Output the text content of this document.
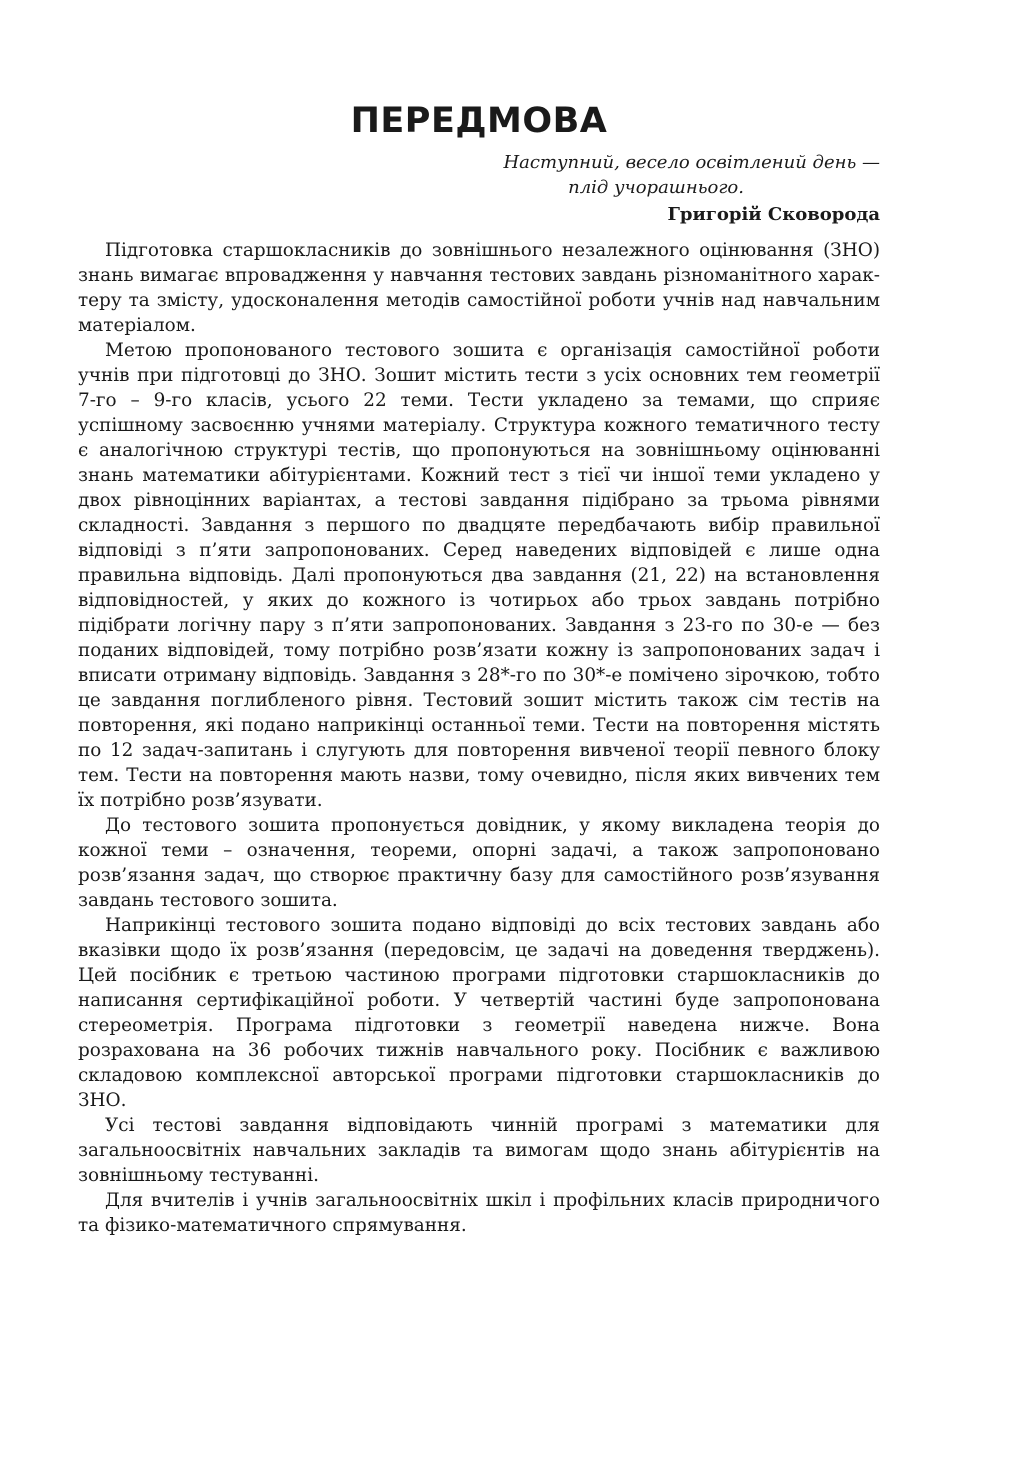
ПЕРЕДМОВА
Наступний, весело освітлений день —
плід учорашнього.
Григорій Сковорода

Підготовка старшокласників до зовнішнього незалежного оцінювання (ЗНО) знань вимагає впровадження у навчання тестових завдань різноманітного характеру та змісту, удосконалення методів самостійної роботи учнів над навчальним матеріалом.

Метою пропонованого тестового зошита є організація самостійної роботи учнів при підготовці до ЗНО. Зошит містить тести з усіх основних тем геометрії 7-го – 9-го класів, усього 22 теми. Тести укладено за темами, що сприяє успішному засвоєнню учнями матеріалу. Структура кожного тематичного тесту є аналогічною структурі тестів, що пропонуються на зовнішньому оцінюванні знань математики абітурієнтами. Кожний тест з тієї чи іншої теми укладено у двох рівноцінних варіантах, а тестові завдання підібрано за трьома рівнями складності. Завдання з першого по двадцяте передбачають вибір правильної відповіді з п’яти запропонованих. Серед наведених відповідей є лише одна правильна відповідь. Далі пропонуються два завдання (21, 22) на встановлення відповідностей, у яких до кожного із чотирьох або трьох завдань потрібно підібрати логічну пару з п’яти запропонованих. Завдання з 23-го по 30-е — без поданих відповідей, тому потрібно розв’язати кожну із запропонованих задач і вписати отриману відповідь. Завдання з 28*-го по 30*-е помічено зірочкою, тобто це завдання поглибленого рівня. Тестовий зошит містить також сім тестів на повторення, які подано наприкінці останньої теми. Тести на повторення містять по 12 задач-запитань і слугують для повторення вивченої теорії певного блоку тем. Тести на повторення мають назви, тому очевидно, після яких вивчених тем їх потрібно розв’язувати.

До тестового зошита пропонується довідник, у якому викладена теорія до кожної теми – означення, теореми, опорні задачі, а також запропоновано розв’язання задач, що створює практичну базу для самостійного розв’язування завдань тестового зошита.

Наприкінці тестового зошита подано відповіді до всіх тестових завдань або вказівки щодо їх розв’язання (передовсім, це задачі на доведення тверджень). Цей посібник є третьою частиною програми підготовки старшокласників до написання сертифікаційної роботи. У четвертій частині буде запропонована стереометрія. Програма підготовки з геометрії наведена нижче. Вона розрахована на 36 робочих тижнів навчального року. Посібник є важливою складовою комплексної авторської програми підготовки старшокласників до ЗНО.

Усі тестові завдання відповідають чинній програмі з математики для загальноосвітніх навчальних закладів та вимогам щодо знань абітурієнтів на зовнішньому тестуванні.

Для вчителів і учнів загальноосвітніх шкіл і профільних класів природничого та фізико-математичного спрямування.
